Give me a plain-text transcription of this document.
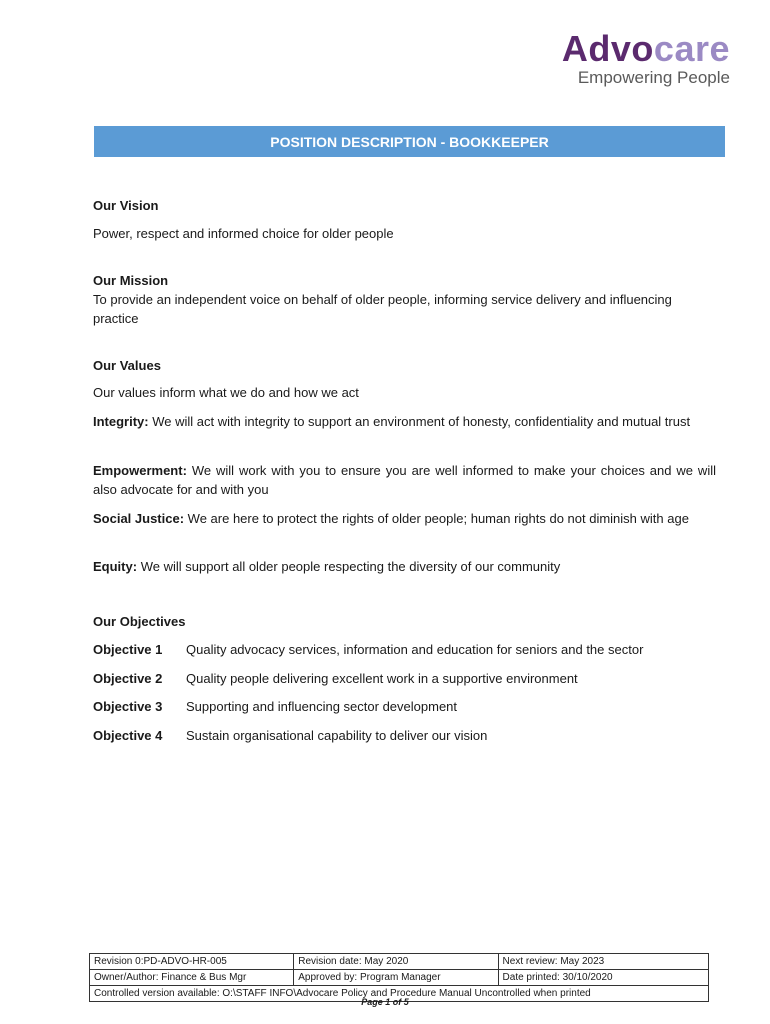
Advocare
Empowering People
POSITION DESCRIPTION - BOOKKEEPER
Our Vision

Power, respect and informed choice for older people

Our Mission

To provide an independent voice on behalf of older people, informing service delivery and influencing practice

Our Values

Our values inform what we do and how we act

Integrity: We will act with integrity to support an environment of honesty, confidentiality and mutual trust
Empowerment: We will work with you to ensure you are well informed to make your choices and we will also advocate for and with you
Social Justice: We are here to protect the rights of older people; human rights do not diminish with age
Equity: We will support all older people respecting the diversity of our community
Our Objectives
Objective 1	Quality advocacy services, information and education for seniors and the sector
Objective 2	Quality people delivering excellent work in a supportive environment
Objective 3	Supporting and influencing sector development
Objective 4	Sustain organisational capability to deliver our vision
Revision 0:PD-ADVO-HR-005	Revision date: May 2020	Next review: May 2023
Owner/Author: Finance & Bus Mgr	Approved by: Program Manager	Date printed: 30/10/2020
Controlled version available: O:\STAFF INFO\Advocare Policy and Procedure Manual Uncontrolled when printed		
Page 1 of 5
